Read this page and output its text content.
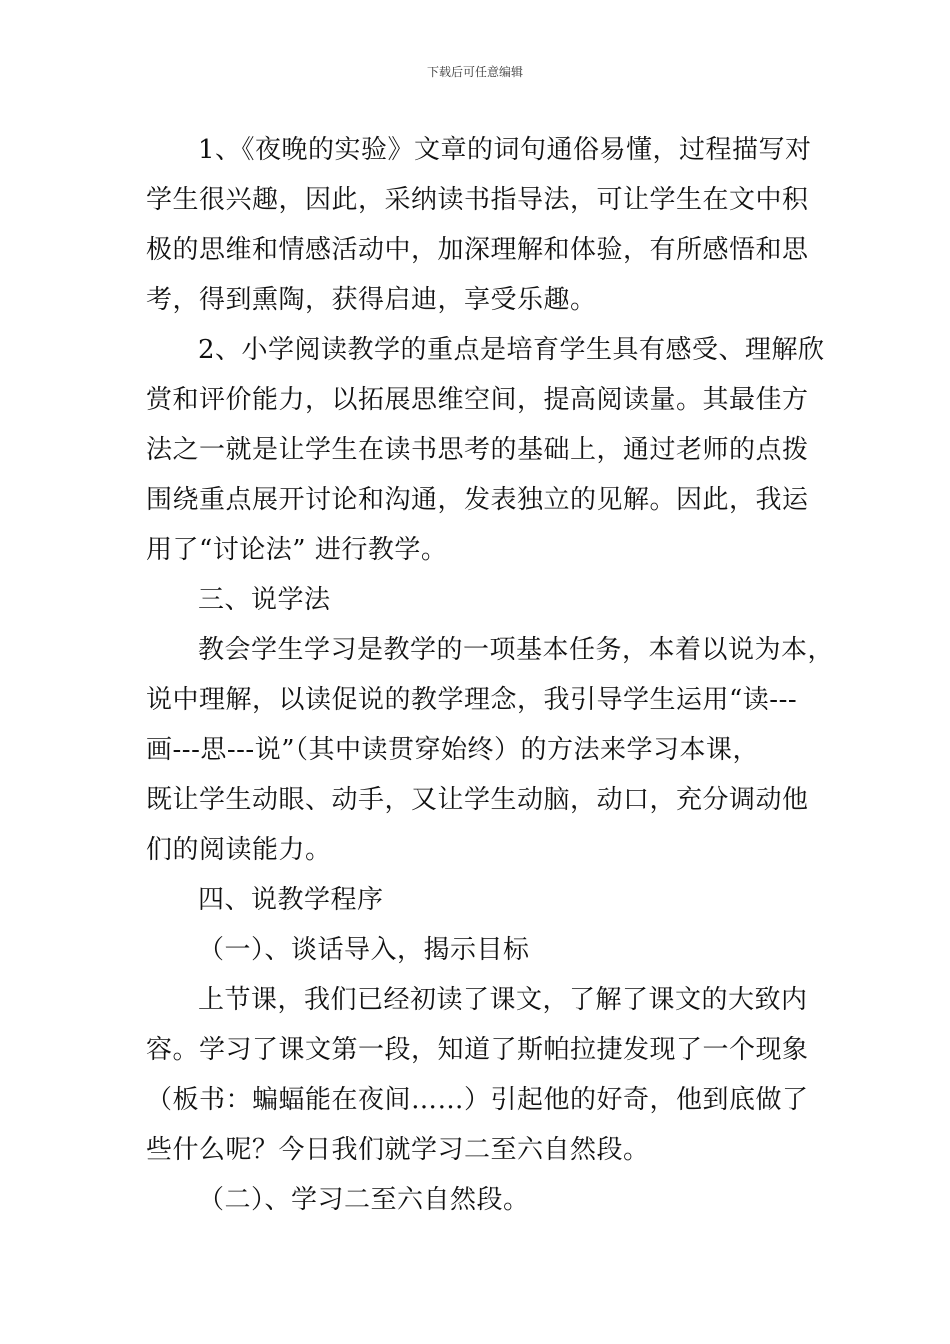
下载后可任意编辑
1、《夜晚的实验》文章的词句通俗易懂，过程描写对
学生很兴趣，因此，采纳读书指导法，可让学生在文中积
极的思维和情感活动中，加深理解和体验，有所感悟和思
考，得到熏陶，获得启迪，享受乐趣。
2、小学阅读教学的重点是培育学生具有感受、理解欣
赏和评价能力，以拓展思维空间，提高阅读量。其最佳方
法之一就是让学生在读书思考的基础上，通过老师的点拨
围绕重点展开讨论和沟通，发表独立的见解。因此，我运
用了“讨论法” 进行教学。
三、说学法
教会学生学习是教学的一项基本任务，本着以说为本，
说中理解，以读促说的教学理念，我引导学生运用“读---
画---思---说”（其中读贯穿始终）的方法来学习本课，
既让学生动眼、动手，又让学生动脑，动口，充分调动他
们的阅读能力。
四、说教学程序
（一）、谈话导入，揭示目标
上节课，我们已经初读了课文，了解了课文的大致内
容。学习了课文第一段，知道了斯帕拉捷发现了一个现象
（板书：蝙蝠能在夜间……）引起他的好奇，他到底做了
些什么呢？今日我们就学习二至六自然段。
（二）、学习二至六自然段。
